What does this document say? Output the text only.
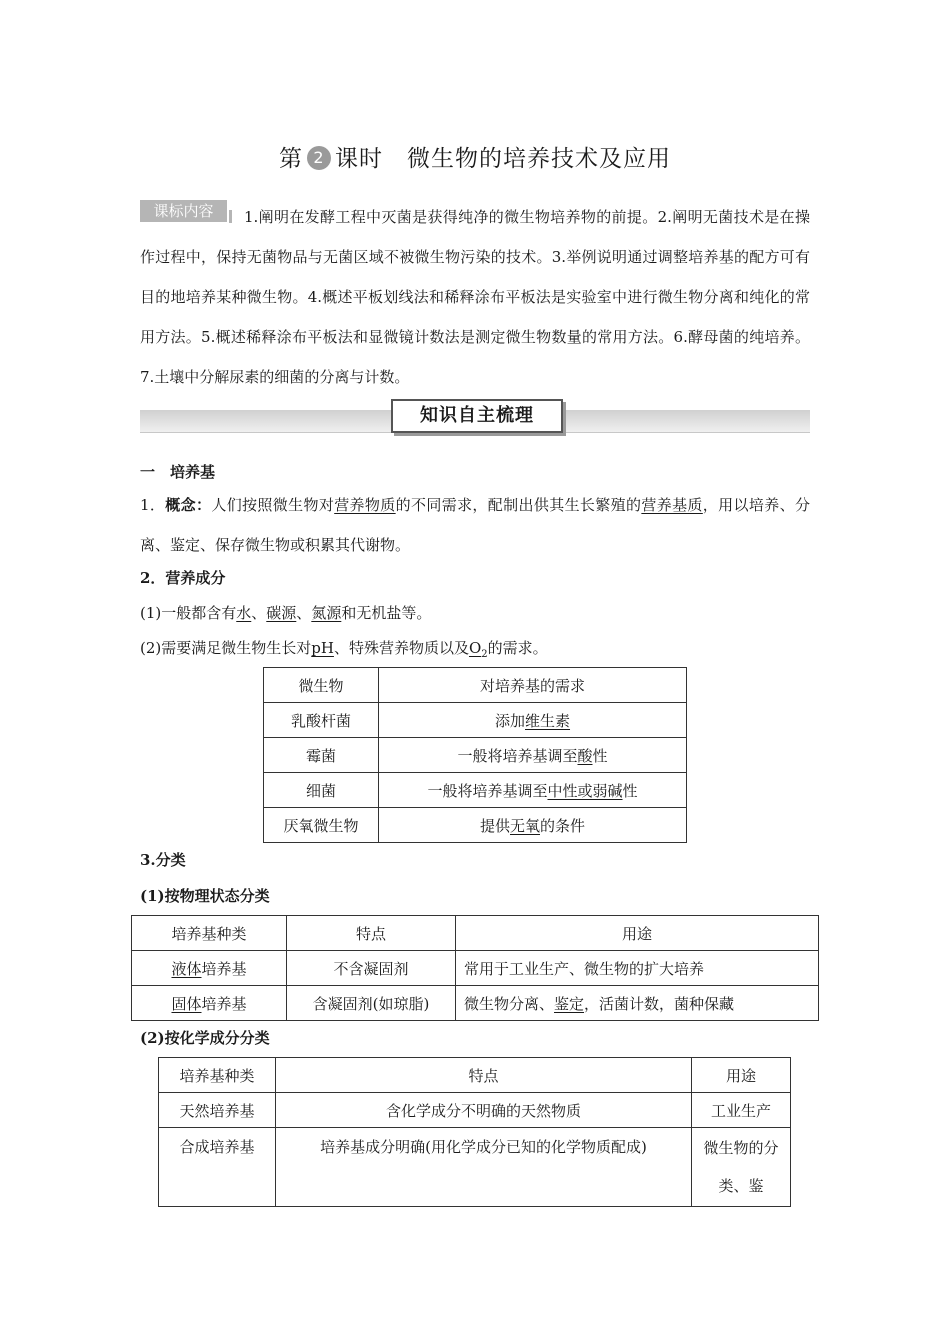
第 2 课时　 微生物的培养技术及应用
课标内容	1.阐明在发酵工程中灭菌是获得纯净的微生物培养物的前提。2.阐明无菌技术是在操作过程中，保持无菌物品与无菌区域不被微生物污染的技术。3.举例说明通过调整培养基的配方可有目的地培养某种微生物。4.概述平板划线法和稀释涂布平板法是实验室中进行微生物分离和纯化的常用方法。5.概述稀释涂布平板法和显微镜计数法是测定微生物数量的常用方法。6.酵母菌的纯培养。7.土壤中分解尿素的细菌的分离与计数。
知识自主梳理
一　培养基
1．概念：人们按照微生物对营养物质的不同需求，配制出供其生长繁殖的营养基质，用以培养、分离、鉴定、保存微生物或积累其代谢物。
2．营养成分
(1)一般都含有水、碳源、氮源和无机盐等。
(2)需要满足微生物生长对pH、特殊营养物质以及$O_2$的需求。
微生物	对培养基的需求
乳酸杆菌	添加维生素
霉菌	一般将培养基调至酸性
细菌	一般将培养基调至中性或弱碱性
厌氧微生物	提供无氧的条件
3.分类
(1)按物理状态分类
培养基种类	特点	用途
液体培养基	不含凝固剂	常用于工业生产、微生物的扩大培养
固体培养基	含凝固剂(如琼脂)	微生物分离、鉴定，活菌计数，菌种保藏
(2)按化学成分分类
培养基种类	特点	用途
天然培养基	含化学成分不明确的天然物质	工业生产
合成培养基	培养基成分明确(用化学成分已知的化学物质配成)	微生物的分类、鉴
